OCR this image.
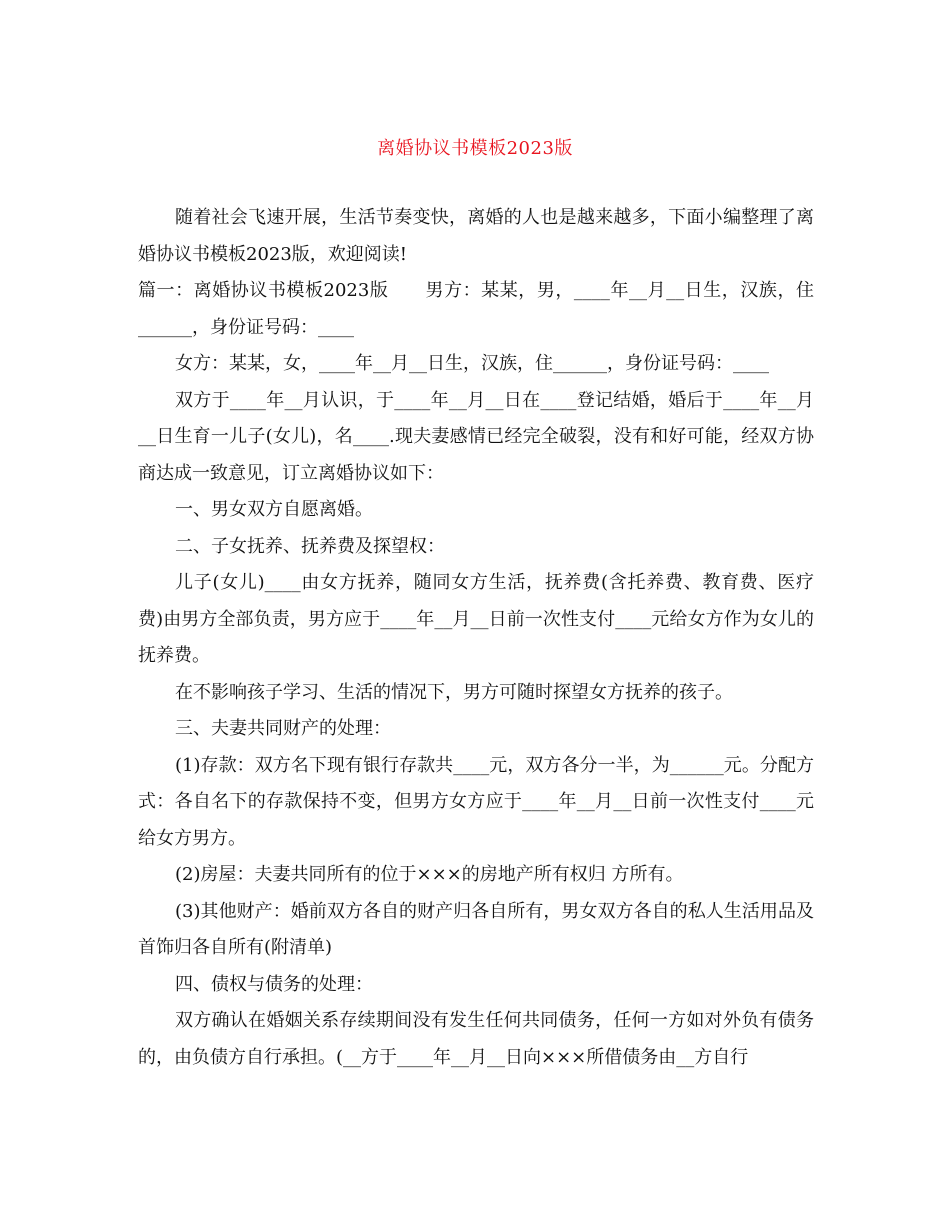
离婚协议书模板2023版

随着社会飞速开展，生活节奏变快，离婚的人也是越来越多，下面小编整理了离婚协议书模板2023版，欢迎阅读!

篇一：离婚协议书模板2023版　　男方：某某，男，____年__月__日生，汉族，住______，身份证号码：____

女方：某某，女，____年__月__日生，汉族，住______，身份证号码：____

双方于____年__月认识，于____年__月__日在____登记结婚，婚后于____年__月__日生育一儿子(女儿)，名____.现夫妻感情已经完全破裂，没有和好可能，经双方协商达成一致意见，订立离婚协议如下：

一、男女双方自愿离婚。

二、子女抚养、抚养费及探望权：

儿子(女儿)____由女方抚养，随同女方生活，抚养费(含托养费、教育费、医疗费)由男方全部负责，男方应于____年__月__日前一次性支付____元给女方作为女儿的抚养费。

在不影响孩子学习、生活的情况下，男方可随时探望女方抚养的孩子。

三、夫妻共同财产的处理：

(1)存款：双方名下现有银行存款共____元，双方各分一半，为______元。分配方式：各自名下的存款保持不变，但男方女方应于____年__月__日前一次性支付____元给女方男方。

(2)房屋：夫妻共同所有的位于×××的房地产所有权归 方所有。

(3)其他财产：婚前双方各自的财产归各自所有，男女双方各自的私人生活用品及首饰归各自所有(附清单)

四、债权与债务的处理：

双方确认在婚姻关系存续期间没有发生任何共同债务，任何一方如对外负有债务的，由负债方自行承担。(__方于____年__月__日向×××所借债务由__方自行
